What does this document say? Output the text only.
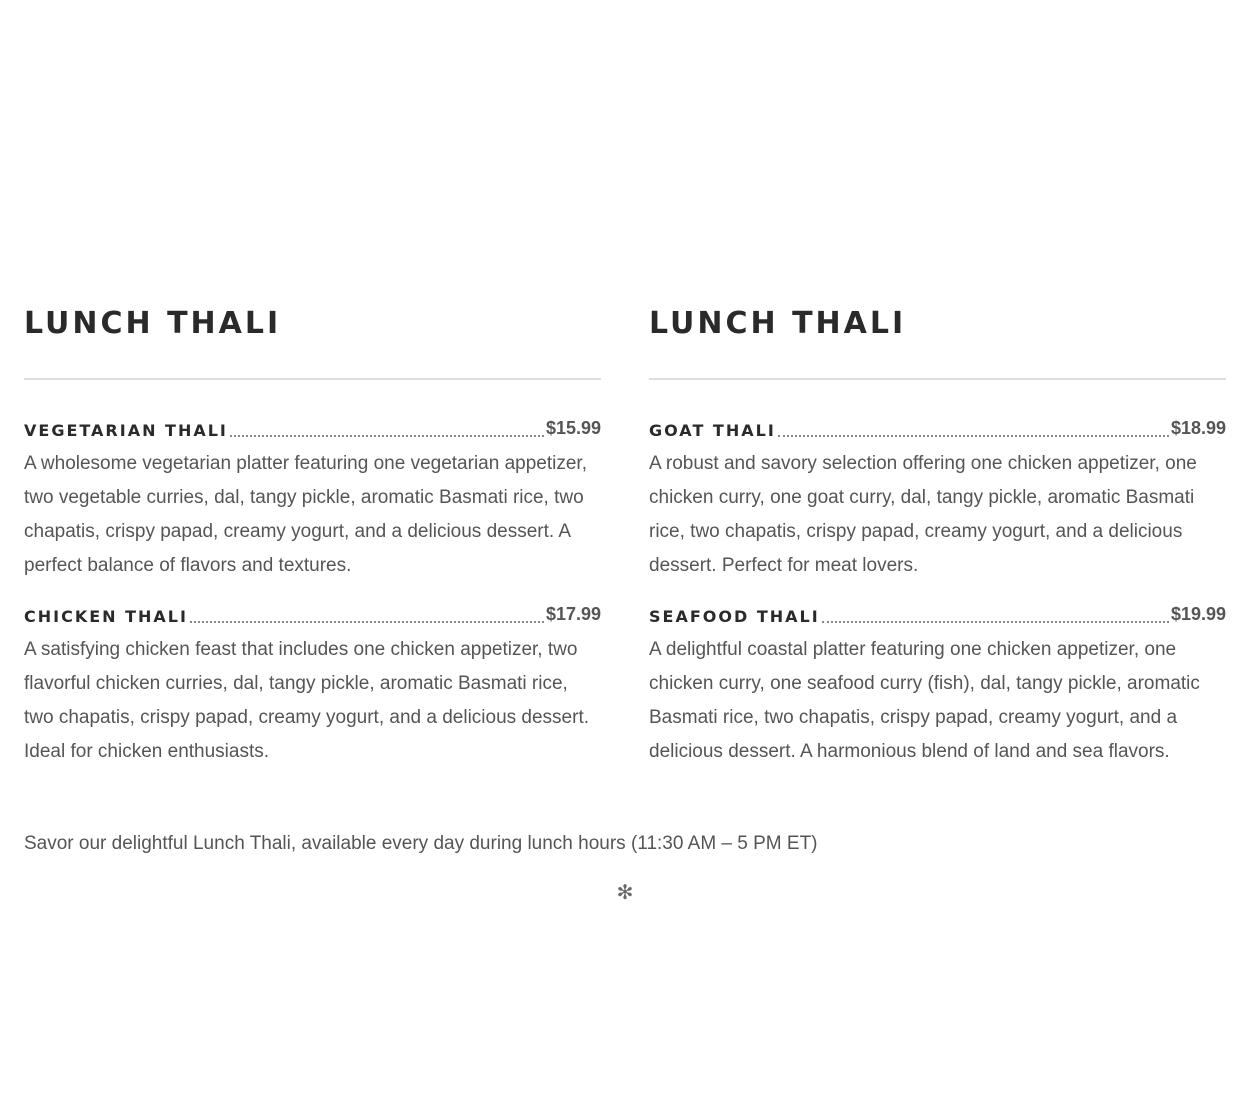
LUNCH THALI
VEGETARIAN THALI	$15.99

A wholesome vegetarian platter featuring one vegetarian appetizer, two vegetable curries, dal, tangy pickle, aromatic Basmati rice, two chapatis, crispy papad, creamy yogurt, and a delicious dessert. A perfect balance of flavors and textures.

CHICKEN THALI	$17.99

A satisfying chicken feast that includes one chicken appetizer, two flavorful chicken curries, dal, tangy pickle, aromatic Basmati rice, two chapatis, crispy papad, creamy yogurt, and a delicious dessert. Ideal for chicken enthusiasts.

LUNCH THALI
GOAT THALI	$18.99

A robust and savory selection offering one chicken appetizer, one chicken curry, one goat curry, dal, tangy pickle, aromatic Basmati rice, two chapatis, crispy papad, creamy yogurt, and a delicious dessert. Perfect for meat lovers.

SEAFOOD THALI	$19.99

A delightful coastal platter featuring one chicken appetizer, one chicken curry, one seafood curry (fish), dal, tangy pickle, aromatic Basmati rice, two chapatis, crispy papad, creamy yogurt, and a delicious dessert. A harmonious blend of land and sea flavors.

Savor our delightful Lunch Thali, available every day during lunch hours (11:30 AM – 5 PM ET)

✻
